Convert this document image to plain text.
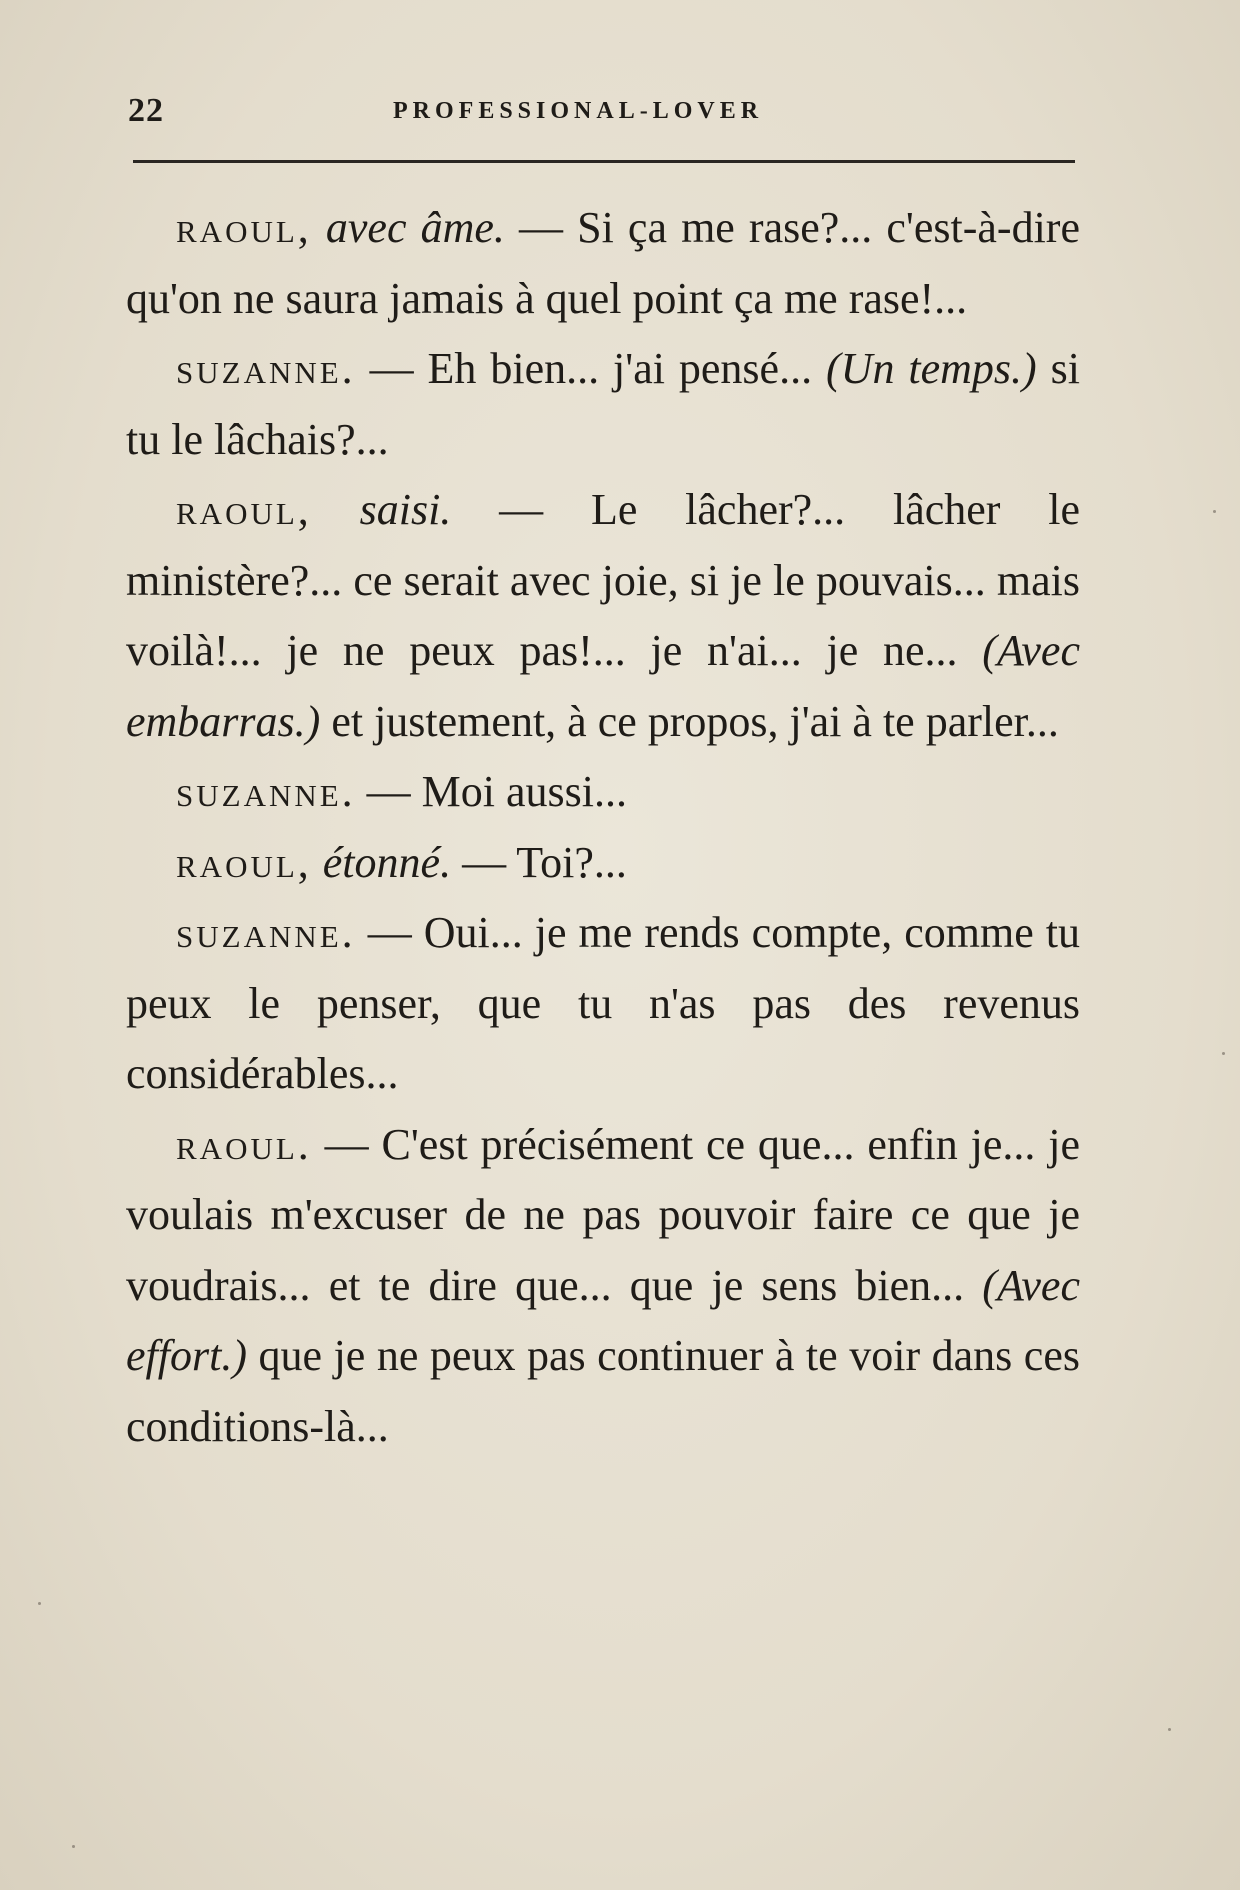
22	PROFESSIONAL-LOVER

raoul, avec âme. — Si ça me rase?... c'est-à-dire qu'on ne saura jamais à quel point ça me rase!...

suzanne. — Eh bien... j'ai pensé... (Un temps.) si tu le lâchais?...

raoul, saisi. — Le lâcher?... lâcher le ministère?... ce serait avec joie, si je le pouvais... mais voilà!... je ne peux pas!... je n'ai... je ne... (Avec embarras.) et justement, à ce propos, j'ai à te parler...

suzanne. — Moi aussi...

raoul, étonné. — Toi?...

suzanne. — Oui... je me rends compte, comme tu peux le penser, que tu n'as pas des revenus considérables...

raoul. — C'est précisément ce que... enfin je... je voulais m'excuser de ne pas pouvoir faire ce que je voudrais... et te dire que... que je sens bien... (Avec effort.) que je ne peux pas continuer à te voir dans ces conditions-là...
